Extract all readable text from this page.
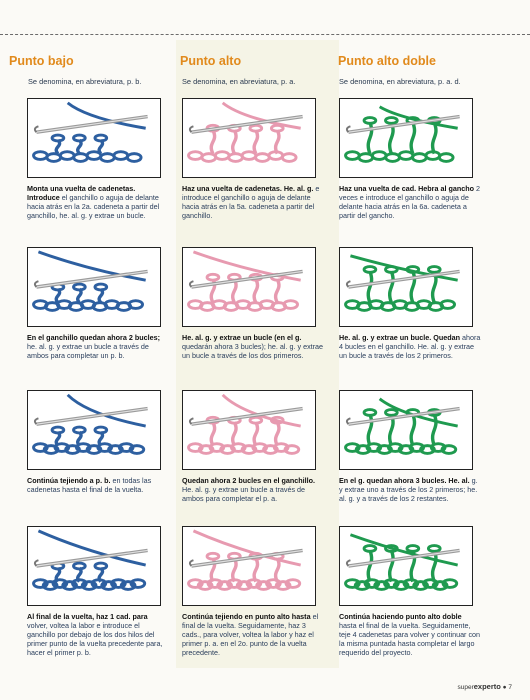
Punto bajo
Se denomina, en abreviatura, p. b.
Monta una vuelta de cadenetas. Introduce el ganchillo o aguja de delante hacia atrás en la 2a. cadeneta a partir del ganchillo, he. al. g. y extrae un bucle.
En el ganchillo quedan ahora 2 bucles; he. al. g. y extrae un bucle a través de ambos para completar un p. b.
Continúa tejiendo a p. b. en todas las cadenetas hasta el final de la vuelta.
Al final de la vuelta, haz 1 cad. para volver, voltea la labor e introduce el ganchillo por debajo de los dos hilos del primer punto de la vuelta precedente para, hacer el primer p. b.
Punto alto
Se denomina, en abreviatura, p. a.
Haz una vuelta de cadenetas. He. al. g. e introduce el ganchillo o aguja de delante hacia atrás en la 5a. cadeneta a partir del ganchillo.
He. al. g. y extrae un bucle (en el g. quedarán ahora 3 bucles); he. al. g. y extrae un bucle a través de los dos primeros.
Quedan ahora 2 bucles en el ganchillo. He. al. g. y extrae un bucle a través de ambos para completar el p. a.
Continúa tejiendo en punto alto hasta el final de la vuelta. Seguidamente, haz 3 cads., para volver, voltea la labor y haz el primer p. a. en el 2o. punto de la vuelta precedente.
Punto alto doble
Se denomina, en abreviatura, p. a. d.
Haz una vuelta de cad. Hebra al gancho 2 veces e introduce el ganchillo o aguja de delante hacia atrás en la 6a. cadeneta a partir del gancho.
He. al. g. y extrae un bucle. Quedan ahora 4 bucles en el ganchillo. He. al. g. y extrae un bucle a través de los 2 primeros.
En el g. quedan ahora 3 bucles. He. al. g. y extrae uno a través de los 2 primeros; he. al. g. y a través de los 2 restantes.
Continúa haciendo punto alto doble hasta el final de la vuelta. Seguidamente, teje 4 cadenetas para volver y continuar con la misma puntada hasta completar el largo requerido del proyecto.
superexperto ● 7
